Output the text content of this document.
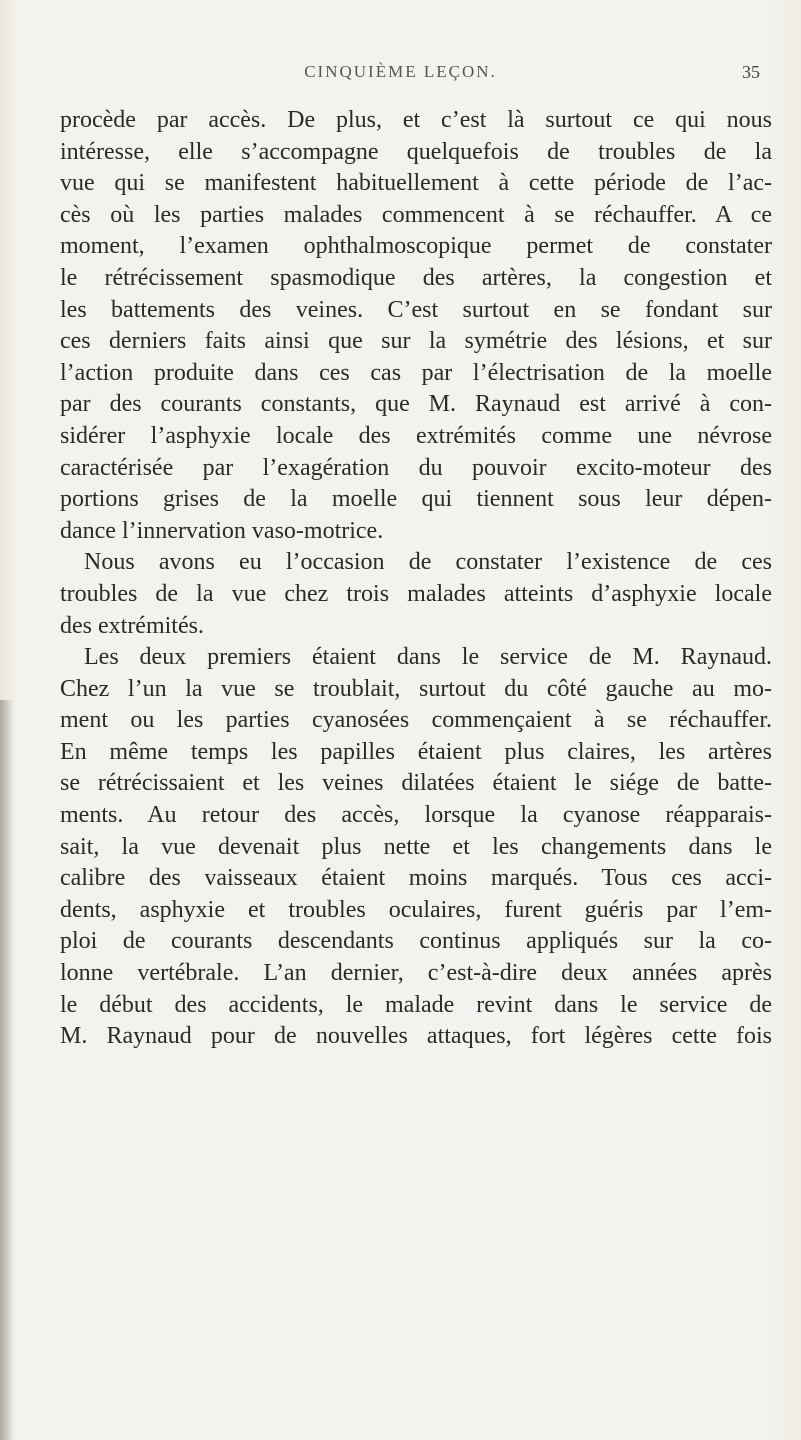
CINQUIÈME LEÇON.	35
procède par accès. De plus, et c’est là surtout ce qui nous
intéresse, elle s’accompagne quelquefois de troubles de la
vue qui se manifestent habituellement à cette période de l’ac-
cès où les parties malades commencent à se réchauffer. A ce
moment, l’examen ophthalmoscopique permet de constater
le rétrécissement spasmodique des artères, la congestion et
les battements des veines. C’est surtout en se fondant sur
ces derniers faits ainsi que sur la symétrie des lésions, et sur
l’action produite dans ces cas par l’électrisation de la moelle
par des courants constants, que M. Raynaud est arrivé à con-
sidérer l’asphyxie locale des extrémités comme une névrose
caractérisée par l’exagération du pouvoir excito-moteur des
portions grises de la moelle qui tiennent sous leur dépen-
dance l’innervation vaso-motrice.
Nous avons eu l’occasion de constater l’existence de ces
troubles de la vue chez trois malades atteints d’asphyxie locale
des extrémités.
Les deux premiers étaient dans le service de M. Raynaud.
Chez l’un la vue se troublait, surtout du côté gauche au mo-
ment ou les parties cyanosées commençaient à se réchauffer.
En même temps les papilles étaient plus claires, les artères
se rétrécissaient et les veines dilatées étaient le siége de batte-
ments. Au retour des accès, lorsque la cyanose réapparais-
sait, la vue devenait plus nette et les changements dans le
calibre des vaisseaux étaient moins marqués. Tous ces acci-
dents, asphyxie et troubles oculaires, furent guéris par l’em-
ploi de courants descendants continus appliqués sur la co-
lonne vertébrale. L’an dernier, c’est-à-dire deux années après
le début des accidents, le malade revint dans le service de
M. Raynaud pour de nouvelles attaques, fort légères cette fois
